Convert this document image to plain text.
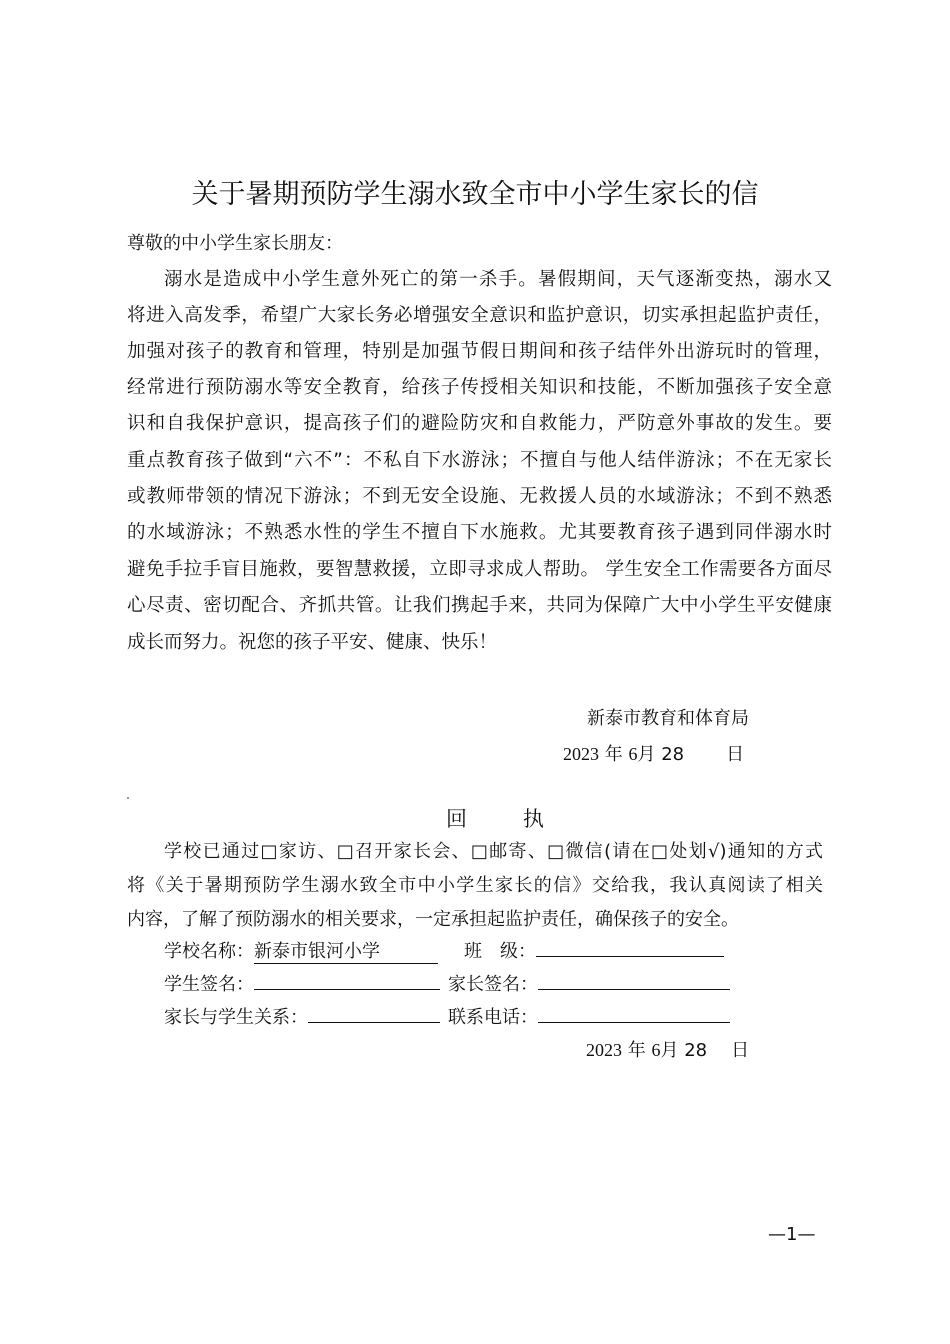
关于暑期预防学生溺水致全市中小学生家长的信
尊敬的中小学生家长朋友：
溺水是造成中小学生意外死亡的第一杀手。暑假期间，天气逐渐变热，溺水又
将进入高发季，希望广大家长务必增强安全意识和监护意识，切实承担起监护责任，
加强对孩子的教育和管理，特别是加强节假日期间和孩子结伴外出游玩时的管理，
经常进行预防溺水等安全教育，给孩子传授相关知识和技能，不断加强孩子安全意
识和自我保护意识，提高孩子们的避险防灾和自救能力，严防意外事故的发生。要
重点教育孩子做到“六不”：不私自下水游泳；不擅自与他人结伴游泳；不在无家长
或教师带领的情况下游泳；不到无安全设施、无救援人员的水域游泳；不到不熟悉
的水域游泳；不熟悉水性的学生不擅自下水施救。尤其要教育孩子遇到同伴溺水时
避免手拉手盲目施救，要智慧救援，立即寻求成人帮助。 学生安全工作需要各方面尽
心尽责、密切配合、齐抓共管。让我们携起手来，共同为保障广大中小学生平安健康
成长而努力。祝您的孩子平安、健康、快乐！
新泰市教育和体育局
2023 年 6月 28 日
回执
学校已通过□家访、□召开家长会、□邮寄、□微信(请在□处划√)通知的方式
将《关于暑期预防学生溺水致全市中小学生家长的信》交给我，我认真阅读了相关
内容，了解了预防溺水的相关要求，一定承担起监护责任，确保孩子的安全。
学校名称：新泰市银河小学	班　级：
学生签名：	家长签名：
家长与学生关系：	联系电话：
2023 年 6月 28 日
—1—
